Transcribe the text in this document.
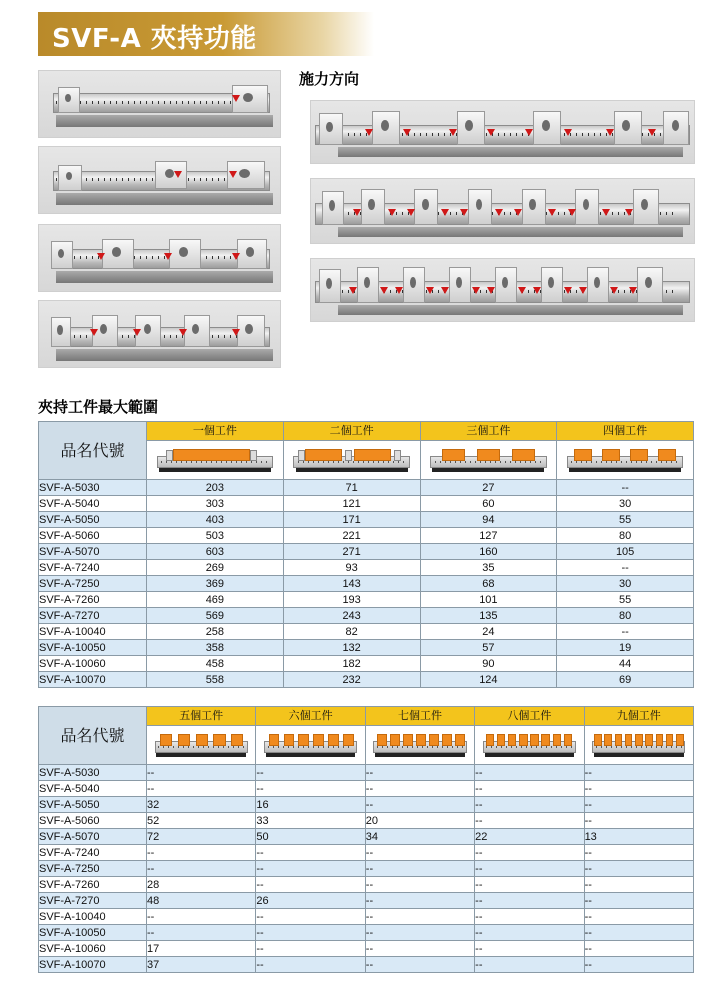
SVF-A 夾持功能
施力方向
夾持工件最大範圍
品名代號	一個工件	二個工件	三個工件	四個工件

SVF-A-5030	203	71	27	--
SVF-A-5040	303	121	60	30
SVF-A-5050	403	171	94	55
SVF-A-5060	503	221	127	80
SVF-A-5070	603	271	160	105
SVF-A-7240	269	93	35	--
SVF-A-7250	369	143	68	30
SVF-A-7260	469	193	101	55
SVF-A-7270	569	243	135	80
SVF-A-10040	258	82	24	--
SVF-A-10050	358	132	57	19
SVF-A-10060	458	182	90	44
SVF-A-10070	558	232	124	69
品名代號	五個工件	六個工件	七個工件	八個工件	九個工件

SVF-A-5030	--	--	--	--	--
SVF-A-5040	--	--	--	--	--
SVF-A-5050	32	16	--	--	--
SVF-A-5060	52	33	20	--	--
SVF-A-5070	72	50	34	22	13
SVF-A-7240	--	--	--	--	--
SVF-A-7250	--	--	--	--	--
SVF-A-7260	28	--	--	--	--
SVF-A-7270	48	26	--	--	--
SVF-A-10040	--	--	--	--	--
SVF-A-10050	--	--	--	--	--
SVF-A-10060	17	--	--	--	--
SVF-A-10070	37	--	--	--	--
